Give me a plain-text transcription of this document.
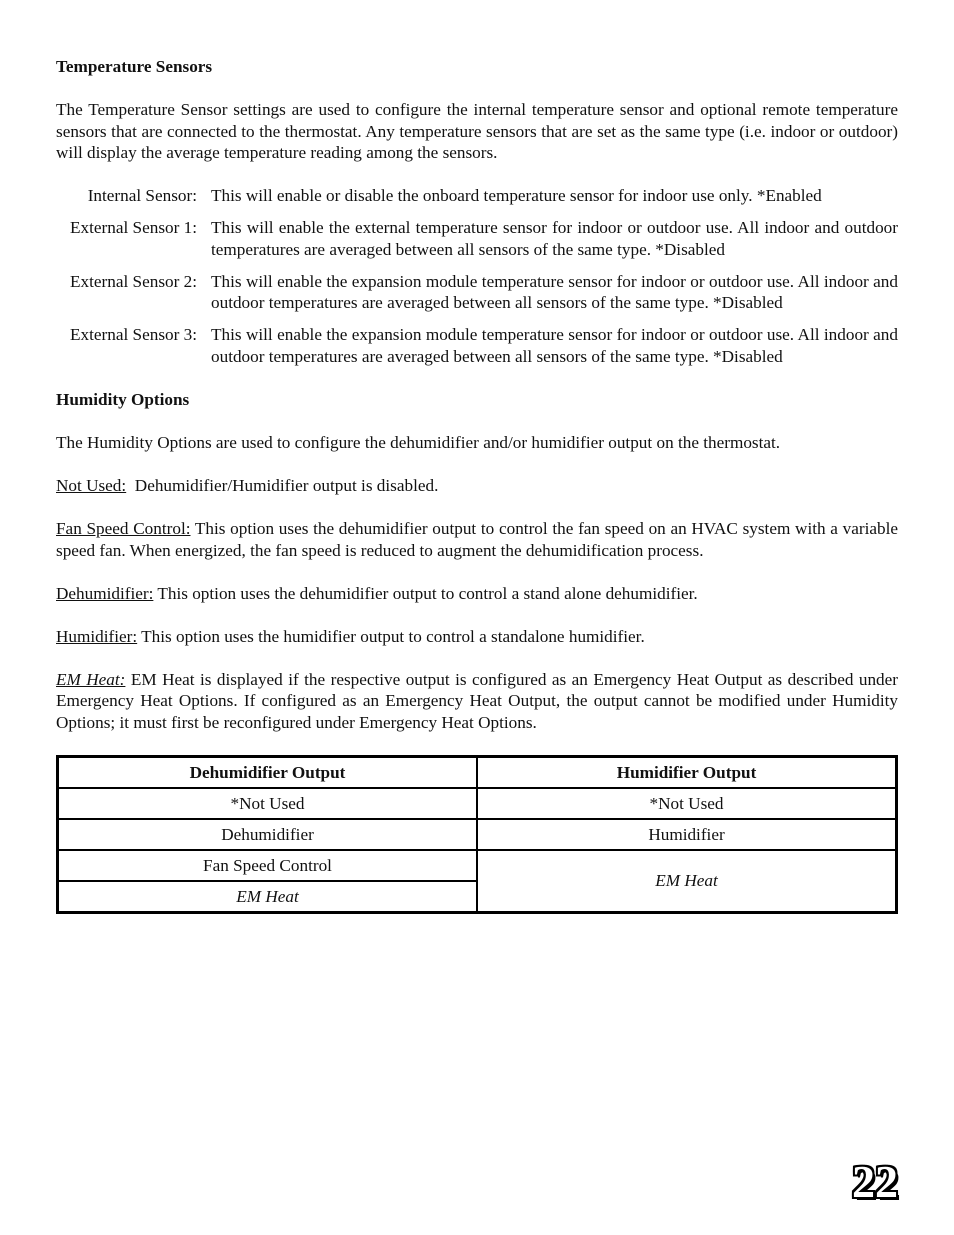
Temperature Sensors

The Temperature Sensor settings are used to configure the internal temperature sensor and optional remote temperature sensors that are connected to the thermostat. Any temperature sensors that are set as the same type (i.e. indoor or outdoor) will display the average temperature reading among the sensors.

Internal Sensor: This will enable or disable the onboard temperature sensor for indoor use only. *Enabled
External Sensor 1: This will enable the external temperature sensor for indoor or outdoor use. All indoor and outdoor temperatures are averaged between all sensors of the same type. *Disabled
External Sensor 2: This will enable the expansion module temperature sensor for indoor or outdoor use. All indoor and outdoor temperatures are averaged between all sensors of the same type. *Disabled
External Sensor 3: This will enable the expansion module temperature sensor for indoor or outdoor use. All indoor and outdoor temperatures are averaged between all sensors of the same type. *Disabled

Humidity Options

The Humidity Options are used to configure the dehumidifier and/or humidifier output on the thermostat.

Not Used:  Dehumidifier/Humidifier output is disabled.

Fan Speed Control: This option uses the dehumidifier output to control the fan speed on an HVAC system with a variable speed fan. When energized, the fan speed is reduced to augment the dehumidification process.

Dehumidifier: This option uses the dehumidifier output to control a stand alone dehumidifier.

Humidifier: This option uses the humidifier output to control a standalone humidifier.

EM Heat: EM Heat is displayed if the respective output is configured as an Emergency Heat Output as described under Emergency Heat Options. If configured as an Emergency Heat Output, the output cannot be modified under Humidity Options; it must first be reconfigured under Emergency Heat Options.

Dehumidifier Output	Humidifier Output
*Not Used	*Not Used
Dehumidifier	Humidifier
Fan Speed Control	EM Heat
EM Heat	
22
